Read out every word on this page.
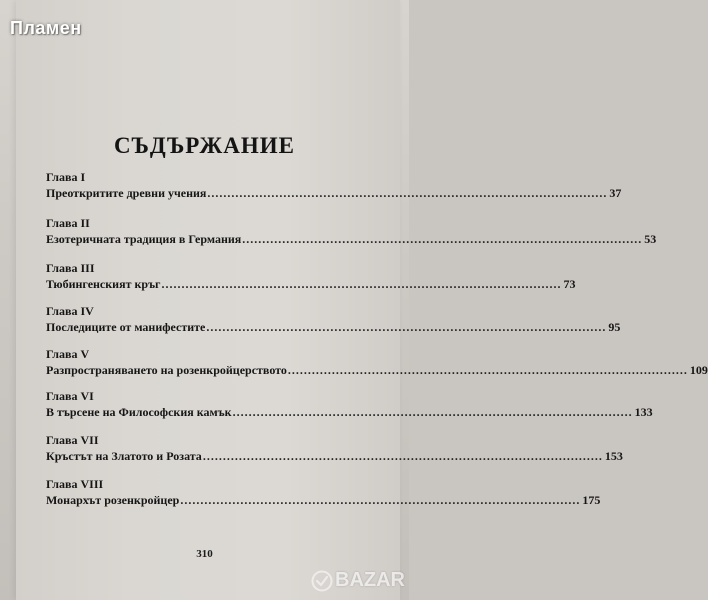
Пламен
СЪДЪРЖАНИЕ
Глава I
Преоткритите древни учения .................................................................................................... 37
Глава II
Езотеричната традиция в Германия .................................................................................................... 53
Глава III
Тюбингенският кръг .................................................................................................... 73
Глава IV
Последиците от манифестите .................................................................................................... 95
Глава V
Разпространяването на розенкройцерството .................................................................................................... 109
Глава VI
В търсене на Философския камък .................................................................................................... 133
Глава VII
Кръстът на Златото и Розата .................................................................................................... 153
Глава VIII
Монархът розенкройцер .................................................................................................... 175
310
BAZAR
